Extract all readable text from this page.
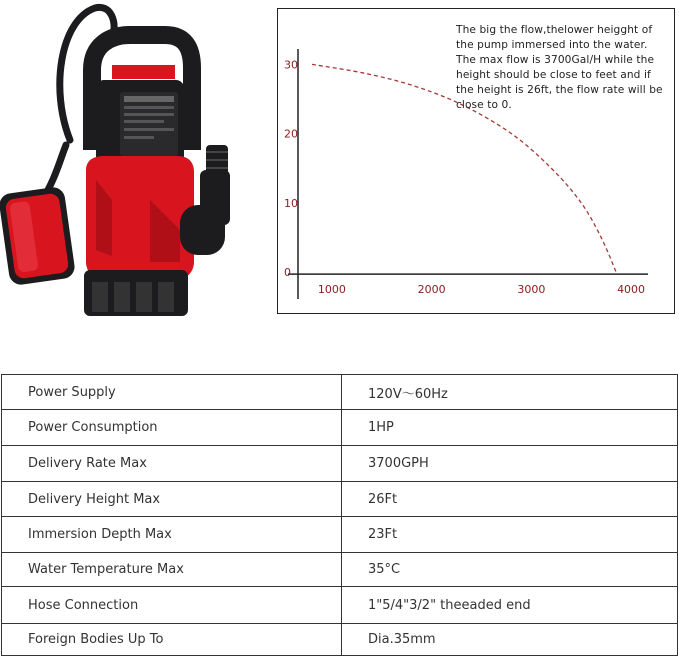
30
20
10
0
1000	2000	3000	4000

The big the flow,thelower heigght of the pump immersed into the water. The max flow is 3700Gal/H while the height should be close to feet and if the height is 26ft, the flow rate will be close to 0.

Power Supply	120V～60Hz
Power Consumption	1HP
Delivery Rate Max	3700GPH
Delivery Height Max	26Ft
Immersion Depth Max	23Ft
Water Temperature Max	35°C
Hose Connection	1"5/4"3/2" theeaded end
Foreign Bodies Up To	Dia.35mm
